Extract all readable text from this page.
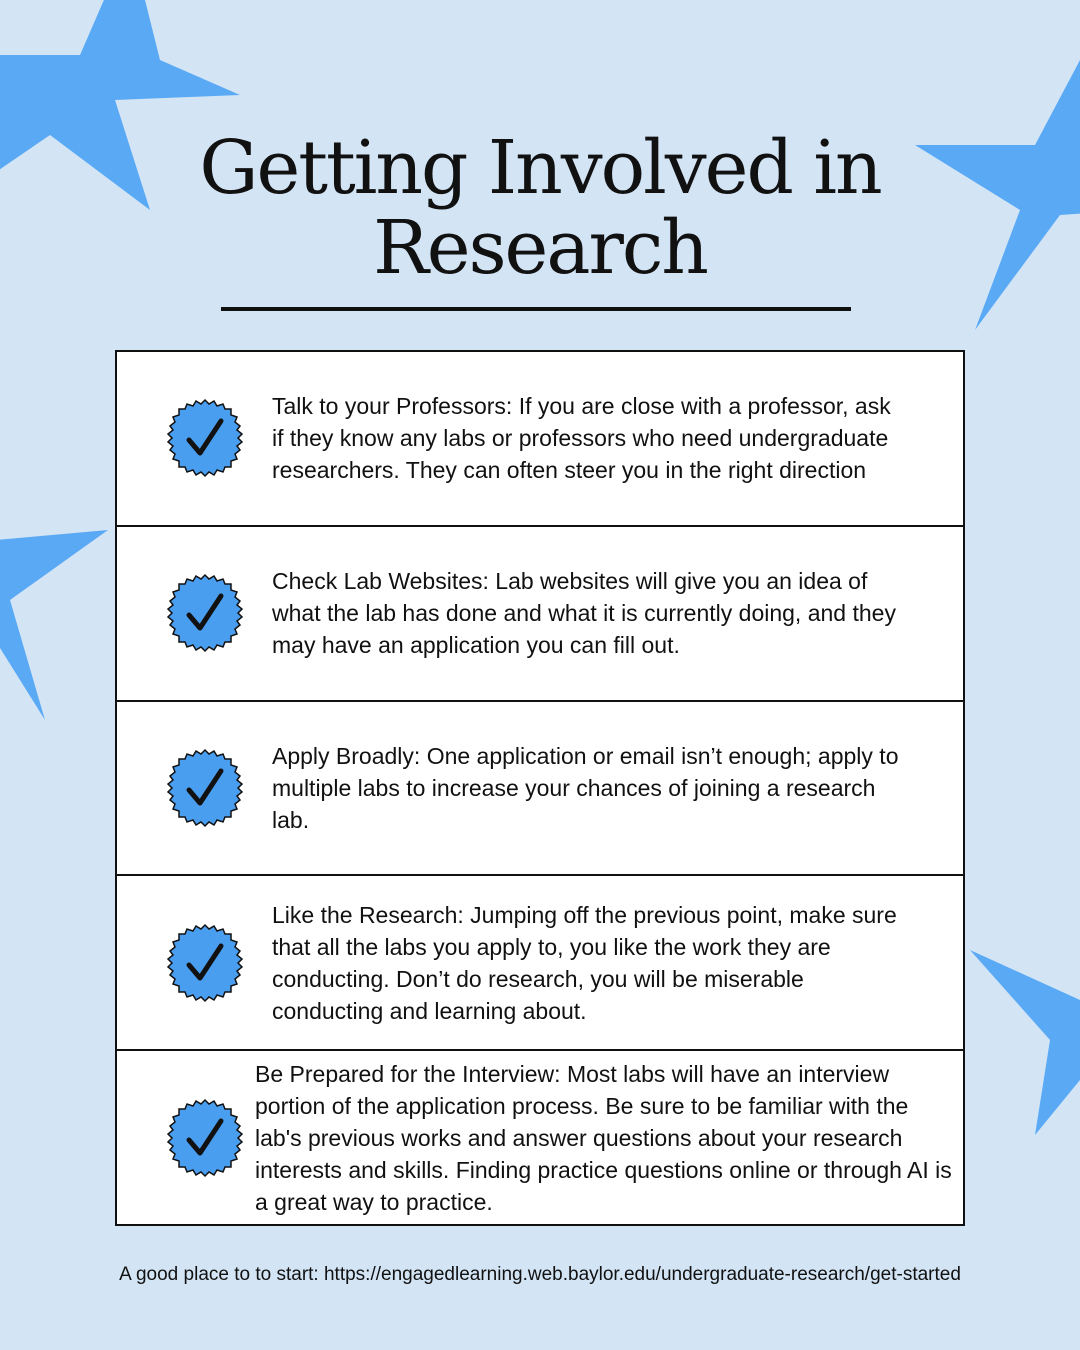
Getting Involved in
Research
Talk to your Professors: If you are close with a professor, ask if they know any labs or professors who need undergraduate researchers. They can often steer you in the right direction
Check Lab Websites: Lab websites will give you an idea of what the lab has done and what it is currently doing, and they may have an application you can fill out.
Apply Broadly: One application or email isn’t enough; apply to multiple labs to increase your chances of joining a research lab.
Like the Research: Jumping off the previous point, make sure that all the labs you apply to, you like the work they are conducting. Don’t do research, you will be miserable conducting and learning about.
Be Prepared for the Interview: Most labs will have an interview portion of the application process. Be sure to be familiar with the lab's previous works and answer questions about your research interests and skills. Finding practice questions online or through AI is a great way to practice.
A good place to to start: https://engagedlearning.web.baylor.edu/undergraduate-research/get-started
